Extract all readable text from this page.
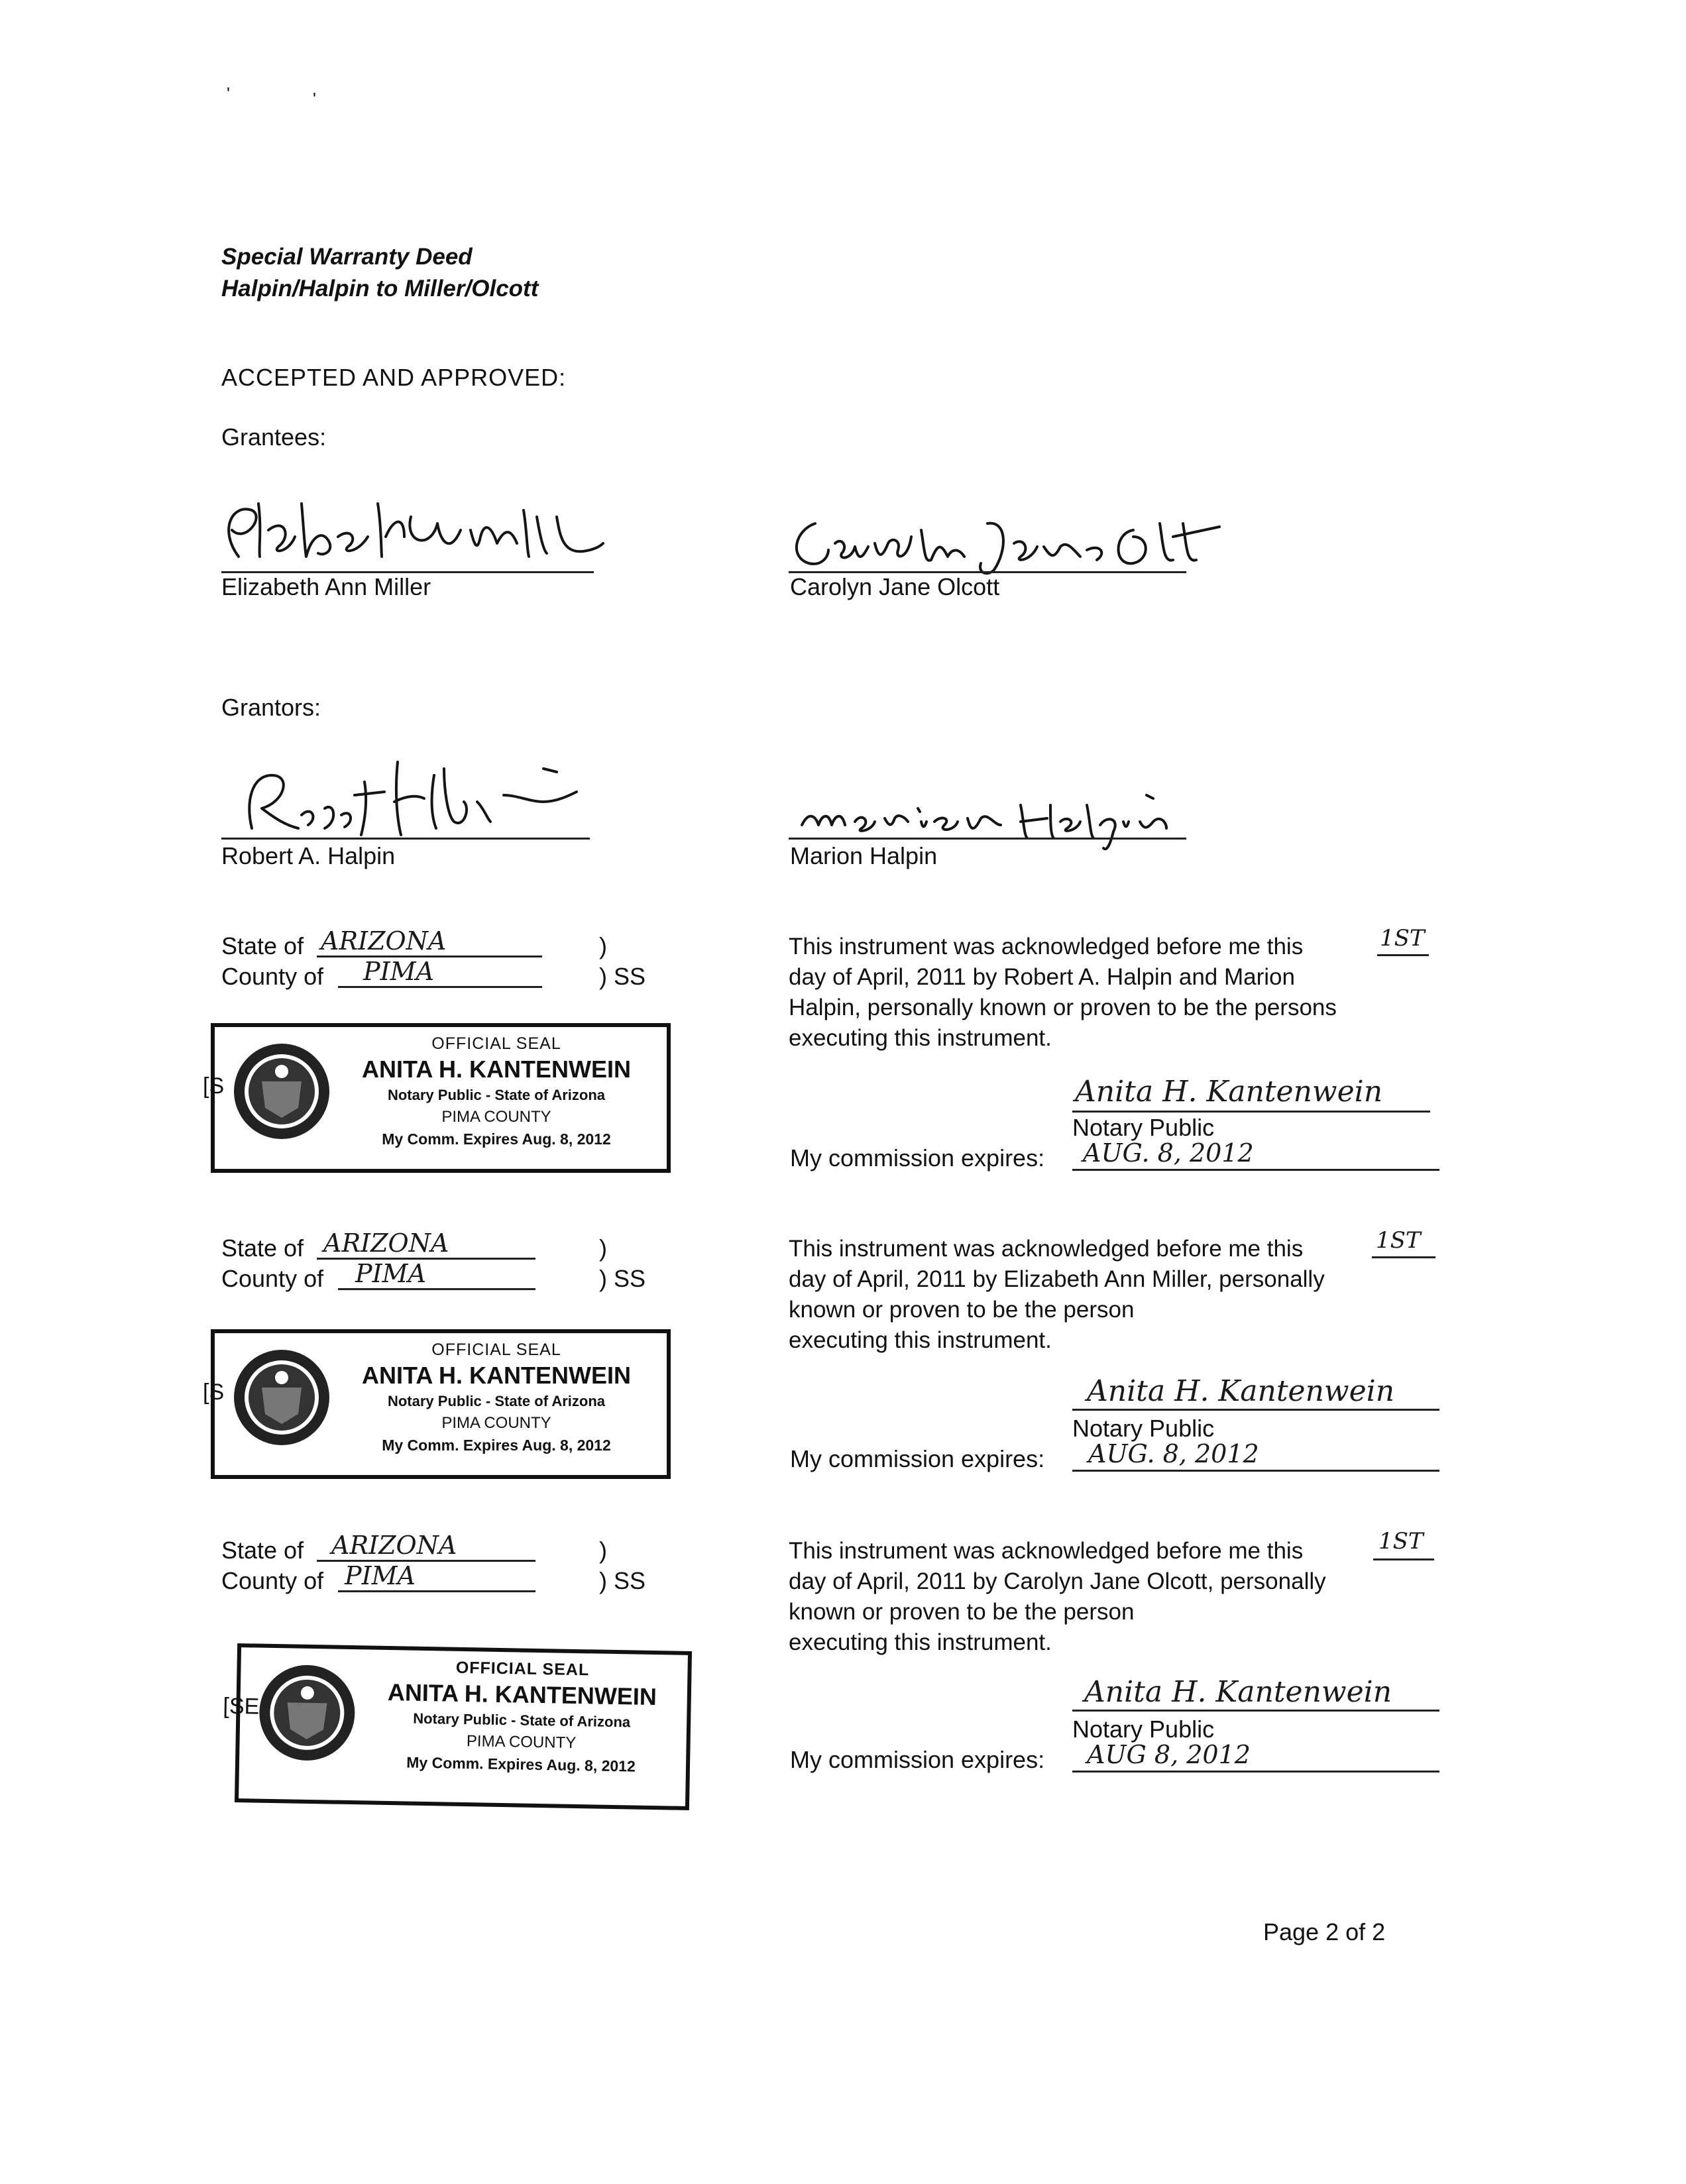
'	'
Special Warranty Deed
Halpin/Halpin to Miller/Olcott
ACCEPTED AND APPROVED:
Grantees:
Elizabeth Ann Miller	Carolyn Jane Olcott
Grantors:
Robert A. Halpin	Marion Halpin
State of ARIZONA	)
County of PIMA	) SS
[S
OFFICIAL SEAL
ANITA H. KANTENWEIN
Notary Public - State of Arizona
PIMA COUNTY
My Comm. Expires Aug. 8, 2012
This instrument was acknowledged before me this
day of April, 2011 by Robert A. Halpin and Marion
Halpin, personally known or proven to be the persons
executing this instrument.
1ST
Anita H. Kantenwein
Notary Public
My commission expires: AUG. 8, 2012
State of ARIZONA	)
County of PIMA	) SS
[S
OFFICIAL SEAL
ANITA H. KANTENWEIN
Notary Public - State of Arizona
PIMA COUNTY
My Comm. Expires Aug. 8, 2012
This instrument was acknowledged before me this
day of April, 2011 by Elizabeth Ann Miller, personally
known or proven to be the person
executing this instrument.
1ST
Anita H. Kantenwein
Notary Public
My commission expires: AUG. 8, 2012
State of ARIZONA	)
County of PIMA	) SS
[SE
OFFICIAL SEAL
ANITA H. KANTENWEIN
Notary Public - State of Arizona
PIMA COUNTY
My Comm. Expires Aug. 8, 2012
This instrument was acknowledged before me this
day of April, 2011 by Carolyn Jane Olcott, personally
known or proven to be the person
executing this instrument.
1ST
Anita H. Kantenwein
Notary Public
My commission expires: AUG 8, 2012
Page 2 of 2
